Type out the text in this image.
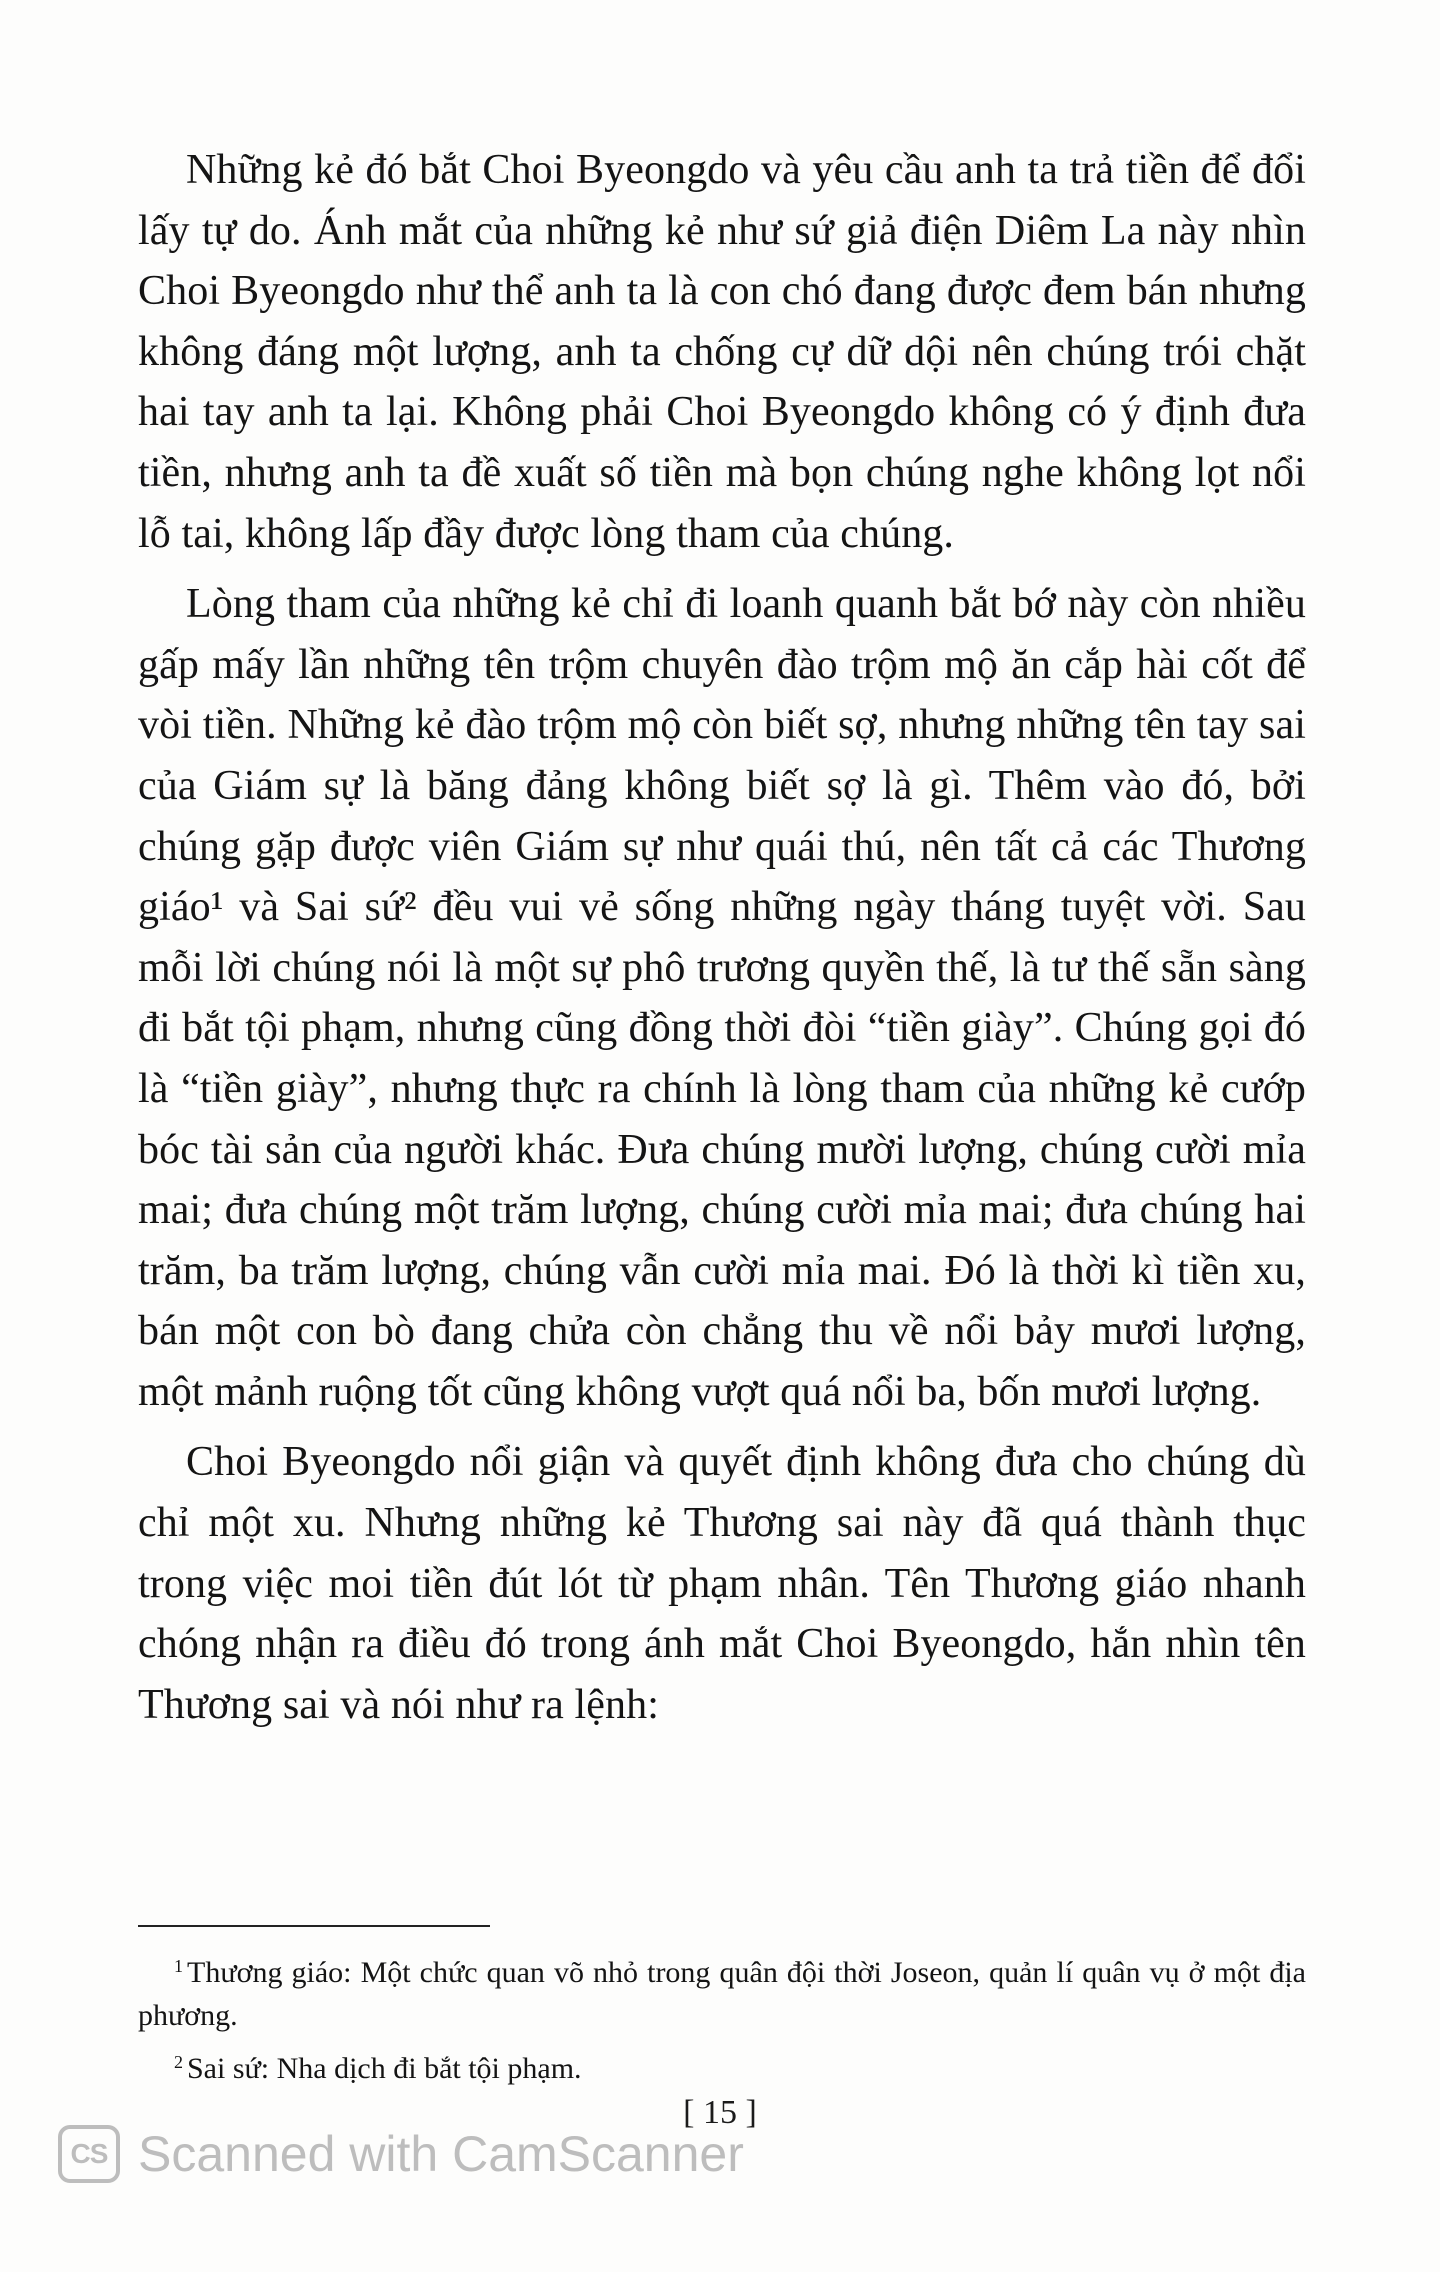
Những kẻ đó bắt Choi Byeongdo và yêu cầu anh ta trả tiền để đổi lấy tự do. Ánh mắt của những kẻ như sứ giả điện Diêm La này nhìn Choi Byeongdo như thể anh ta là con chó đang được đem bán nhưng không đáng một lượng, anh ta chống cự dữ dội nên chúng trói chặt hai tay anh ta lại. Không phải Choi Byeongdo không có ý định đưa tiền, nhưng anh ta đề xuất số tiền mà bọn chúng nghe không lọt nổi lỗ tai, không lấp đầy được lòng tham của chúng.

Lòng tham của những kẻ chỉ đi loanh quanh bắt bớ này còn nhiều gấp mấy lần những tên trộm chuyên đào trộm mộ ăn cắp hài cốt để vòi tiền. Những kẻ đào trộm mộ còn biết sợ, nhưng những tên tay sai của Giám sự là băng đảng không biết sợ là gì. Thêm vào đó, bởi chúng gặp được viên Giám sự như quái thú, nên tất cả các Thương giáo¹ và Sai sứ² đều vui vẻ sống những ngày tháng tuyệt vời. Sau mỗi lời chúng nói là một sự phô trương quyền thế, là tư thế sẵn sàng đi bắt tội phạm, nhưng cũng đồng thời đòi “tiền giày”. Chúng gọi đó là “tiền giày”, nhưng thực ra chính là lòng tham của những kẻ cướp bóc tài sản của người khác. Đưa chúng mười lượng, chúng cười mỉa mai; đưa chúng một trăm lượng, chúng cười mỉa mai; đưa chúng hai trăm, ba trăm lượng, chúng vẫn cười mỉa mai. Đó là thời kì tiền xu, bán một con bò đang chửa còn chẳng thu về nổi bảy mươi lượng, một mảnh ruộng tốt cũng không vượt quá nổi ba, bốn mươi lượng.

Choi Byeongdo nổi giận và quyết định không đưa cho chúng dù chỉ một xu. Nhưng những kẻ Thương sai này đã quá thành thục trong việc moi tiền đút lót từ phạm nhân. Tên Thương giáo nhanh chóng nhận ra điều đó trong ánh mắt Choi Byeongdo, hắn nhìn tên Thương sai và nói như ra lệnh:

$^1$ Thương giáo: Một chức quan võ nhỏ trong quân đội thời Joseon, quản lí quân vụ ở một địa phương.

$^2$ Sai sứ: Nha dịch đi bắt tội phạm.

[ 15 ]
CS Scanned with CamScanner
